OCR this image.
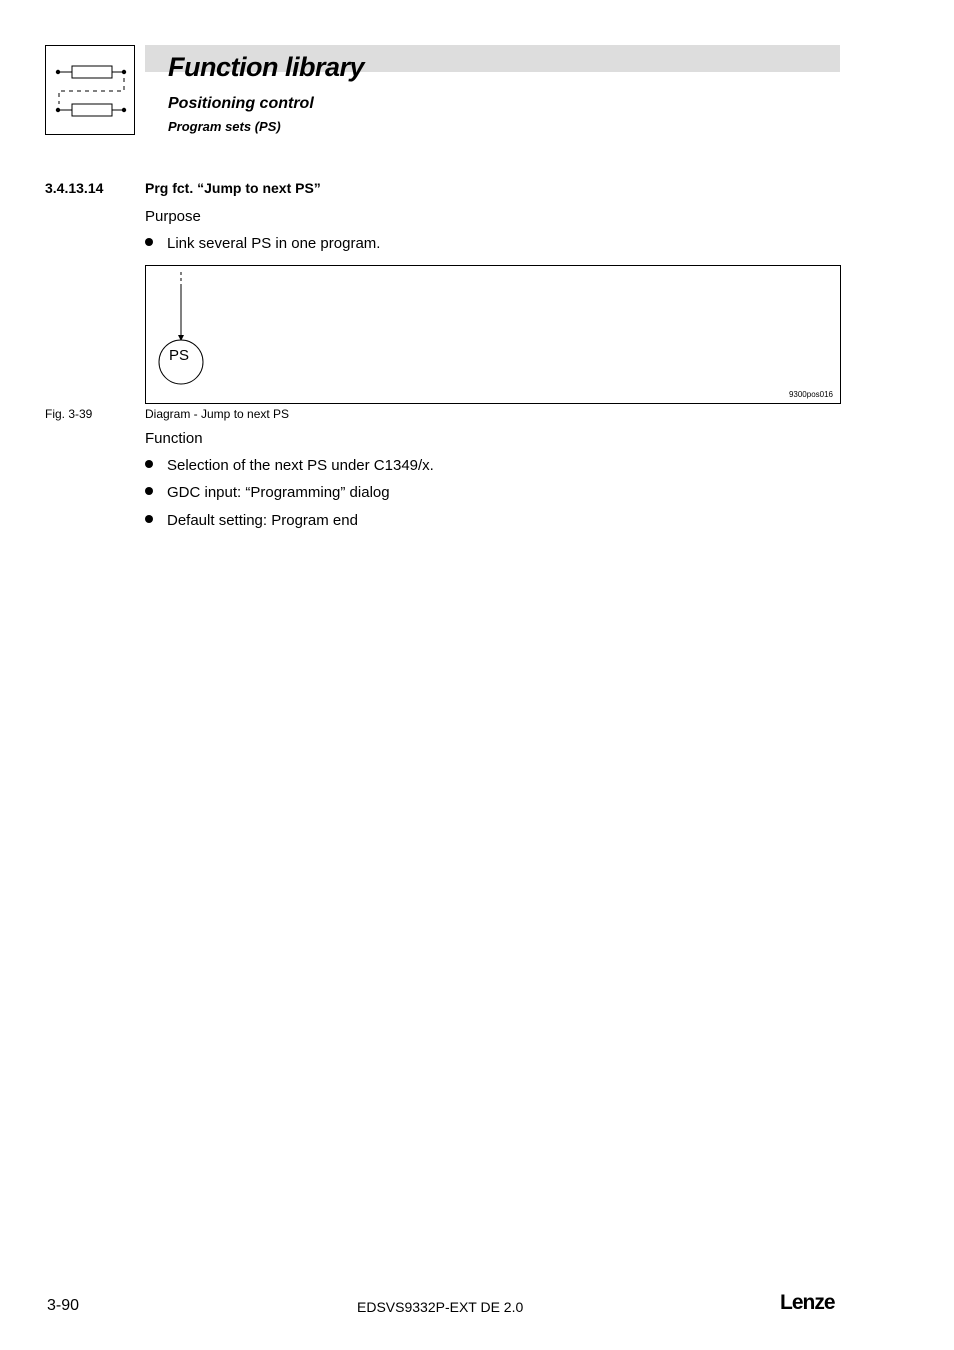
Function library
Positioning control
Program sets (PS)
3.4.13.14	Prg fct. “Jump to next PS”
Purpose
Link several PS in one program.
PS
9300pos016
Fig. 3-39	Diagram - Jump to next PS
Function
Selection of the next PS under C1349/x.
GDC input: “Programming” dialog
Default setting: Program end
3-90	EDSVS9332P-EXT DE 2.0	Lenze
